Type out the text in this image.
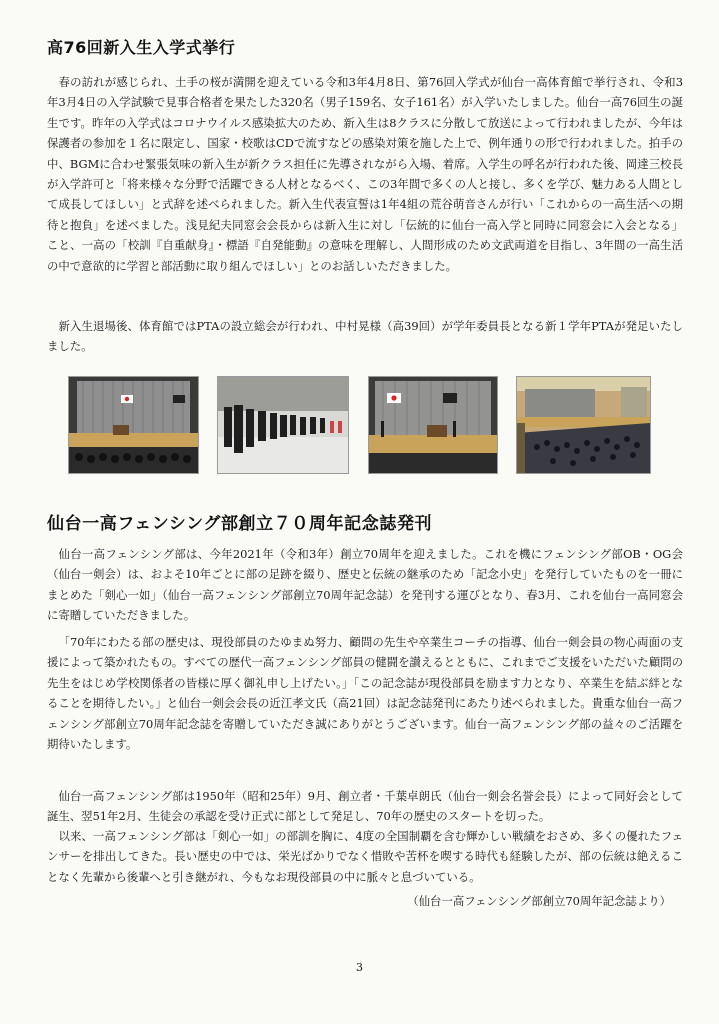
高76回新入生入学式挙行

春の訪れが感じられ、土手の桜が満開を迎えている令和3年4月8日、第76回入学式が仙台一高体育館で挙行され、令和3年3月4日の入学試験で見事合格者を果たした320名（男子159名、女子161名）が入学いたしました。仙台一高76回生の誕生です。昨年の入学式はコロナウイルス感染拡大のため、新入生は8クラスに分散して放送によって行われましたが、今年は保護者の参加を１名に限定し、国家・校歌はCDで流すなどの感染対策を施した上で、例年通りの形で行われました。拍手の中、BGMに合わせ緊張気味の新入生が新クラス担任に先導されながら入場、着席。入学生の呼名が行われた後、岡達三校長が入学許可と「将来様々な分野で活躍できる人材となるべく、この3年間で多くの人と接し、多くを学び、魅力ある人間として成長してほしい」と式辞を述べられました。新入生代表宣誓は1年4組の荒谷萌音さんが行い「これからの一高生活への期待と抱負」を述べました。浅見紀夫同窓会会長からは新入生に対し「伝統的に仙台一高入学と同時に同窓会に入会となる」こと、一高の「校訓『自重献身』・標語『自発能動』の意味を理解し、人間形成のため文武両道を目指し、3年間の一高生活の中で意欲的に学習と部活動に取り組んでほしい」とのお話しいただきました。

新入生退場後、体育館ではPTAの設立総会が行われ、中村晃様（高39回）が学年委員長となる新１学年PTAが発足いたしました。

仙台一高フェンシング部創立７０周年記念誌発刊

仙台一高フェンシング部は、今年2021年（令和3年）創立70周年を迎えました。これを機にフェンシング部OB・OG会（仙台一剣会）は、およそ10年ごとに部の足跡を綴り、歴史と伝統の継承のため「記念小史」を発行していたものを一冊にまとめた「剣心一如」（仙台一高フェンシング部創立70周年記念誌）を発刊する運びとなり、春3月、これを仙台一高同窓会に寄贈していただきました。

「70年にわたる部の歴史は、現役部員のたゆまぬ努力、顧問の先生や卒業生コーチの指導、仙台一剣会員の物心両面の支援によって築かれたもの。すべての歴代一高フェンシング部員の健闘を讃えるとともに、これまでご支援をいただいた顧問の先生をはじめ学校関係者の皆様に厚く御礼申し上げたい。」「この記念誌が現役部員を励ます力となり、卒業生を結ぶ絆となることを期待したい。」と仙台一剣会会長の近江孝文氏（高21回）は記念誌発刊にあたり述べられました。貴重な仙台一高フェンシング部創立70周年記念誌を寄贈していただき誠にありがとうございます。仙台一高フェンシング部の益々のご活躍を期待いたします。

仙台一高フェンシング部は1950年（昭和25年）9月、創立者・千葉卓朗氏（仙台一剣会名誉会長）によって同好会として誕生、翌51年2月、生徒会の承認を受け正式に部として発足し、70年の歴史のスタートを切った。

以来、一高フェンシング部は「剣心一如」の部訓を胸に、4度の全国制覇を含む輝かしい戦績をおさめ、多くの優れたフェンサーを排出してきた。長い歴史の中では、栄光ばかりでなく惜敗や苦杯を喫する時代も経験したが、部の伝統は絶えることなく先輩から後輩へと引き継がれ、今もなお現役部員の中に脈々と息づいている。

（仙台一高フェンシング部創立70周年記念誌より）

3
